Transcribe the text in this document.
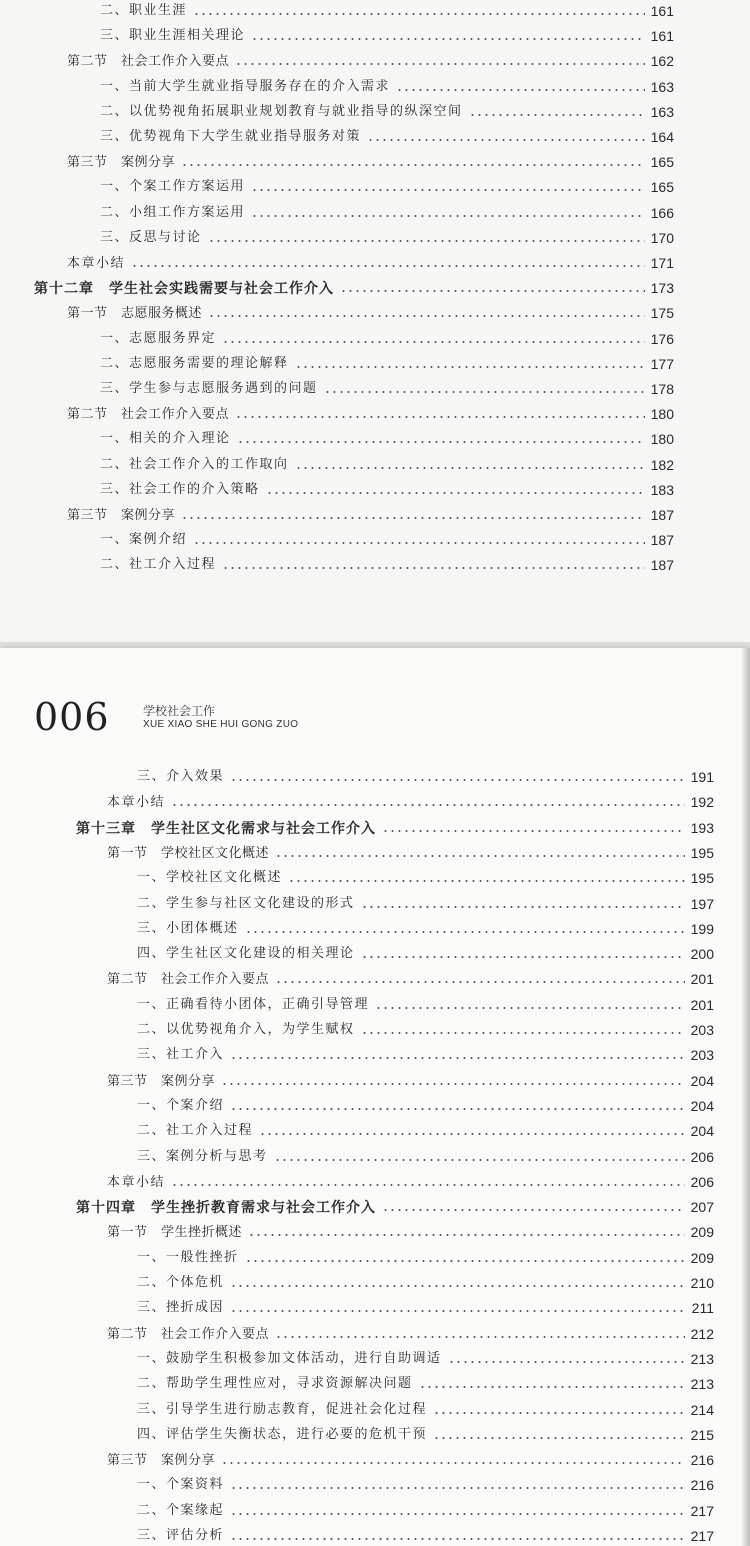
二、职业生涯	161
三、职业生涯相关理论	161
第二节　社会工作介入要点	162
一、当前大学生就业指导服务存在的介入需求	163
二、以优势视角拓展职业规划教育与就业指导的纵深空间	163
三、优势视角下大学生就业指导服务对策	164
第三节　案例分享	165
一、个案工作方案运用	165
二、小组工作方案运用	166
三、反思与讨论	170
本章小结	171
第十二章　学生社会实践需要与社会工作介入	173
第一节　志愿服务概述	175
一、志愿服务界定	176
二、志愿服务需要的理论解释	177
三、学生参与志愿服务遇到的问题	178
第二节　社会工作介入要点	180
一、相关的介入理论	180
二、社会工作介入的工作取向	182
三、社会工作的介入策略	183
第三节　案例分享	187
一、案例介绍	187
二、社工介入过程	187
三、介入效果	191
本章小结	192
第十三章　学生社区文化需求与社会工作介入	193
第一节　学校社区文化概述	195
一、学校社区文化概述	195
二、学生参与社区文化建设的形式	197
三、小团体概述	199
四、学生社区文化建设的相关理论	200
第二节　社会工作介入要点	201
一、正确看待小团体，正确引导管理	201
二、以优势视角介入，为学生赋权	203
三、社工介入	203
第三节　案例分享	204
一、个案介绍	204
二、社工介入过程	204
三、案例分析与思考	206
本章小结	206
第十四章　学生挫折教育需求与社会工作介入	207
第一节　学生挫折概述	209
一、一般性挫折	209
二、个体危机	210
三、挫折成因	211
第二节　社会工作介入要点	212
一、鼓励学生积极参加文体活动，进行自助调适	213
二、帮助学生理性应对，寻求资源解决问题	213
三、引导学生进行励志教育，促进社会化过程	214
四、评估学生失衡状态，进行必要的危机干预	215
第三节　案例分享	216
一、个案资料	216
二、个案缘起	217
三、评估分析	217
006	学校社会工作
XUE XIAO SHE HUI GONG ZUO
